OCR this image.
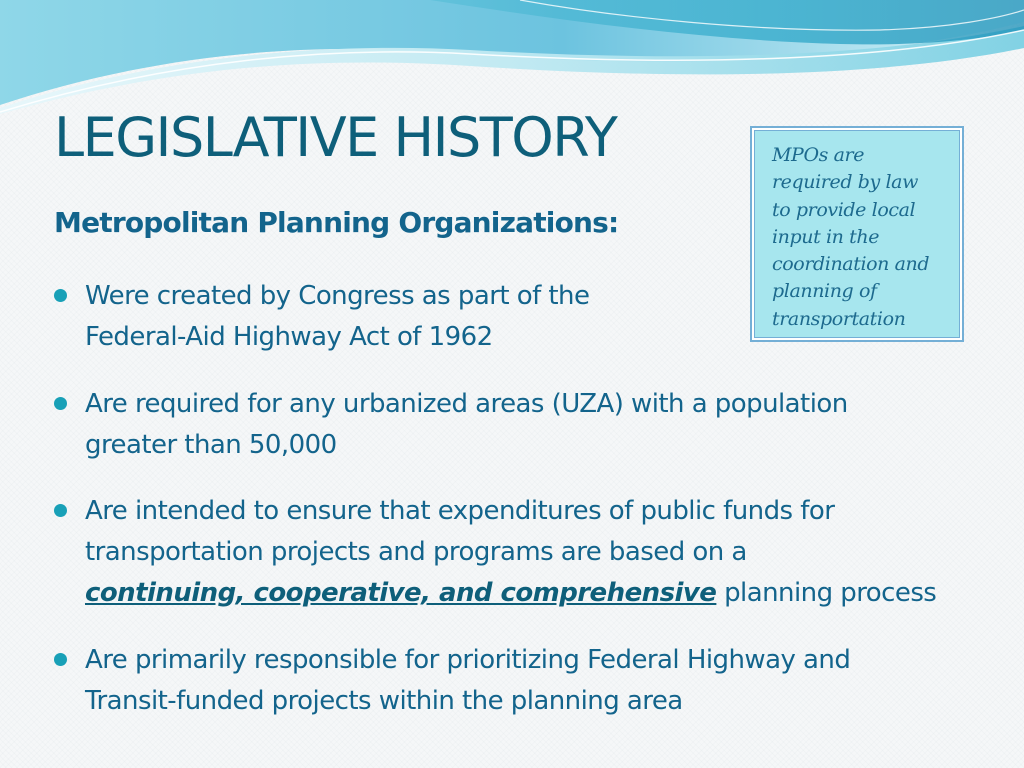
LEGISLATIVE HISTORY
Metropolitan Planning Organizations:
Were created by Congress as part of the
Federal-Aid Highway Act of 1962
Are required for any urbanized areas (UZA) with a population
greater than 50,000
Are intended to ensure that expenditures of public funds for
transportation projects and programs are based on a
continuing, cooperative, and comprehensive planning process
Are primarily responsible for prioritizing Federal Highway and
Transit-funded projects within the planning area
MPOs are
required by law
to provide local
input in the
coordination and
planning of
transportation
